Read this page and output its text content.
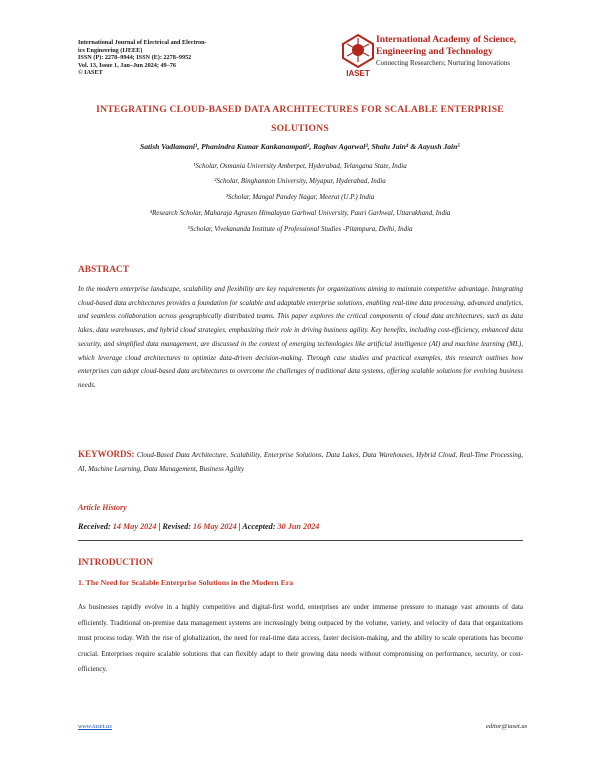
International Journal of Electrical and Electron-
ics Engineering (IJEEE)
ISSN (P): 2278–9944; ISSN (E): 2278–9952
Vol. 13, Issue 1, Jan–Jun 2024; 49–76
© IASET	IASET
International Academy of Science,
Engineering and Technology
Connecting Researchers; Nurturing Innovations
INTEGRATING CLOUD-BASED DATA ARCHITECTURES FOR SCALABLE ENTERPRISE
SOLUTIONS
Satish Vadlamani¹, Phanindra Kumar Kankanampati², Raghav Agarwal³, Shalu Jain⁴ & Aayush Jain⁵
¹Scholar, Osmania University Amberpet, Hyderabad, Telangana State, India
²Scholar, Binghamton University, Miyapur, Hyderabad, India
³Scholar, Mangal Pandey Nagar, Meerut (U.P.) India
⁴Research Scholar, Maharaja Agrasen Himalayan Garhwal University, Pauri Garhwal, Uttarakhand, India
⁵Scholar, Vivekananda Institute of Professional Studies -Pitampura, Delhi, India
ABSTRACT
In the modern enterprise landscape, scalability and flexibility are key requirements for organizations aiming to maintain competitive advantage. Integrating cloud-based data architectures provides a foundation for scalable and adaptable enterprise solutions, enabling real-time data processing, advanced analytics, and seamless collaboration across geographically distributed teams. This paper explores the critical components of cloud data architectures, such as data lakes, data warehouses, and hybrid cloud strategies, emphasizing their role in driving business agility. Key benefits, including cost-efficiency, enhanced data security, and simplified data management, are discussed in the context of emerging technologies like artificial intelligence (AI) and machine learning (ML), which leverage cloud architectures to optimize data-driven decision-making. Through case studies and practical examples, this research outlines how enterprises can adopt cloud-based data architectures to overcome the challenges of traditional data systems, offering scalable solutions for evolving business needs.
KEYWORDS: Cloud-Based Data Architecture, Scalability, Enterprise Solutions, Data Lakes, Data Warehouses, Hybrid Cloud, Real-Time Processing, AI, Machine Learning, Data Management, Business Agility
Article History
Received: 14 May 2024 | Revised: 16 May 2024 | Accepted: 30 Jun 2024
INTRODUCTION
1. The Need for Scalable Enterprise Solutions in the Modern Era
As businesses rapidly evolve in a highly competitive and digital-first world, enterprises are under immense pressure to manage vast amounts of data efficiently. Traditional on-premise data management systems are increasingly being outpaced by the volume, variety, and velocity of data that organizations must process today. With the rise of globalization, the need for real-time data access, faster decision-making, and the ability to scale operations has become crucial. Enterprises require scalable solutions that can flexibly adapt to their growing data needs without compromising on performance, security, or cost-efficiency.
www.iaset.us	editor@iaset.us
